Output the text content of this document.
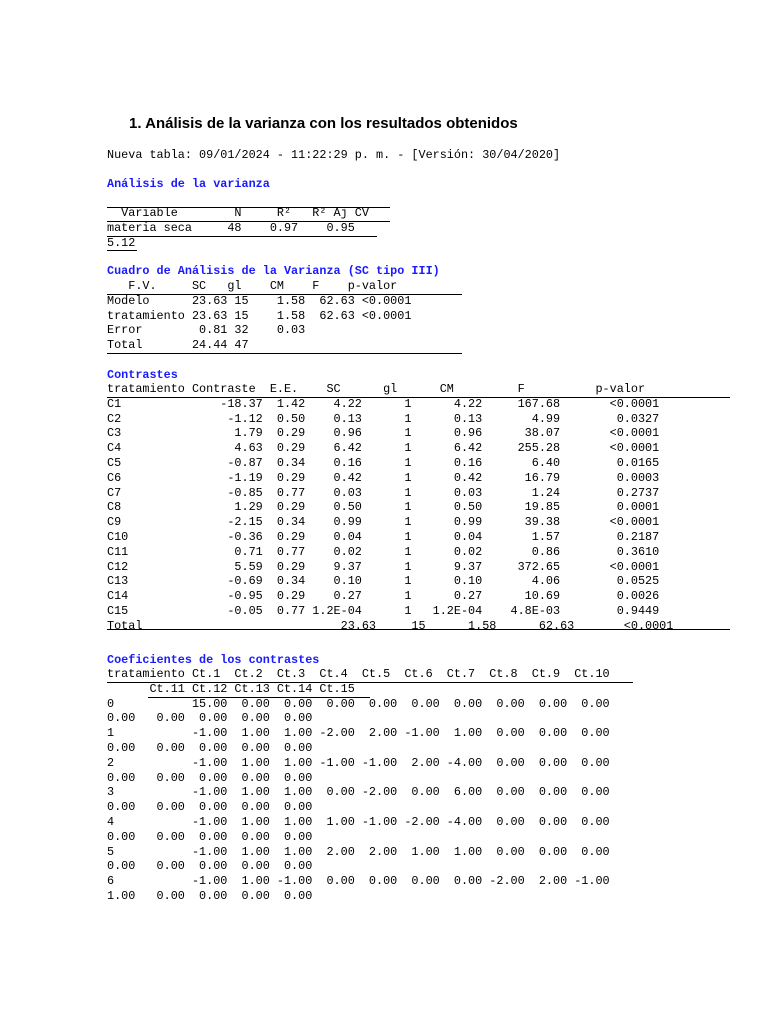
1. Análisis de la varianza con los resultados obtenidos
Nueva tabla: 09/01/2024 - 11:22:29 p. m. - [Versión: 30/04/2020]
Análisis de la varianza
Variable        N     R²   R² Aj CV
materia seca     48    0.97    0.95
5.12
Cuadro de Análisis de la Varianza (SC tipo III)
F.V.     SC   gl    CM    F    p-valor
Modelo      23.63 15    1.58  62.63 <0.0001
tratamiento 23.63 15    1.58  62.63 <0.0001
Error        0.81 32    0.03
Total       24.44 47
Contrastes
tratamiento Contraste  E.E.    SC      gl      CM         F          p-valor
C1              -18.37  1.42    4.22      1      4.22     167.68       <0.0001
C2               -1.12  0.50    0.13      1      0.13       4.99        0.0327
C3                1.79  0.29    0.96      1      0.96      38.07       <0.0001
C4                4.63  0.29    6.42      1      6.42     255.28       <0.0001
C5               -0.87  0.34    0.16      1      0.16       6.40        0.0165
C6               -1.19  0.29    0.42      1      0.42      16.79        0.0003
C7               -0.85  0.77    0.03      1      0.03       1.24        0.2737
C8                1.29  0.29    0.50      1      0.50      19.85        0.0001
C9               -2.15  0.34    0.99      1      0.99      39.38       <0.0001
C10              -0.36  0.29    0.04      1      0.04       1.57        0.2187
C11               0.71  0.77    0.02      1      0.02       0.86        0.3610
C12               5.59  0.29    9.37      1      9.37     372.65       <0.0001
C13              -0.69  0.34    0.10      1      0.10       4.06        0.0525
C14              -0.95  0.29    0.27      1      0.27      10.69        0.0026
C15              -0.05  0.77 1.2E-04      1   1.2E-04    4.8E-03        0.9449
Total                            23.63     15      1.58      62.63       <0.0001
Coeficientes de los contrastes
tratamiento Ct.1  Ct.2  Ct.3  Ct.4  Ct.5  Ct.6  Ct.7  Ct.8  Ct.9  Ct.10
Ct.11 Ct.12 Ct.13 Ct.14 Ct.15
0           15.00  0.00  0.00  0.00  0.00  0.00  0.00  0.00  0.00  0.00
0.00   0.00  0.00  0.00  0.00
1           -1.00  1.00  1.00 -2.00  2.00 -1.00  1.00  0.00  0.00  0.00
0.00   0.00  0.00  0.00  0.00
2           -1.00  1.00  1.00 -1.00 -1.00  2.00 -4.00  0.00  0.00  0.00
0.00   0.00  0.00  0.00  0.00
3           -1.00  1.00  1.00  0.00 -2.00  0.00  6.00  0.00  0.00  0.00
0.00   0.00  0.00  0.00  0.00
4           -1.00  1.00  1.00  1.00 -1.00 -2.00 -4.00  0.00  0.00  0.00
0.00   0.00  0.00  0.00  0.00
5           -1.00  1.00  1.00  2.00  2.00  1.00  1.00  0.00  0.00  0.00
0.00   0.00  0.00  0.00  0.00
6           -1.00  1.00 -1.00  0.00  0.00  0.00  0.00 -2.00  2.00 -1.00
1.00   0.00  0.00  0.00  0.00
